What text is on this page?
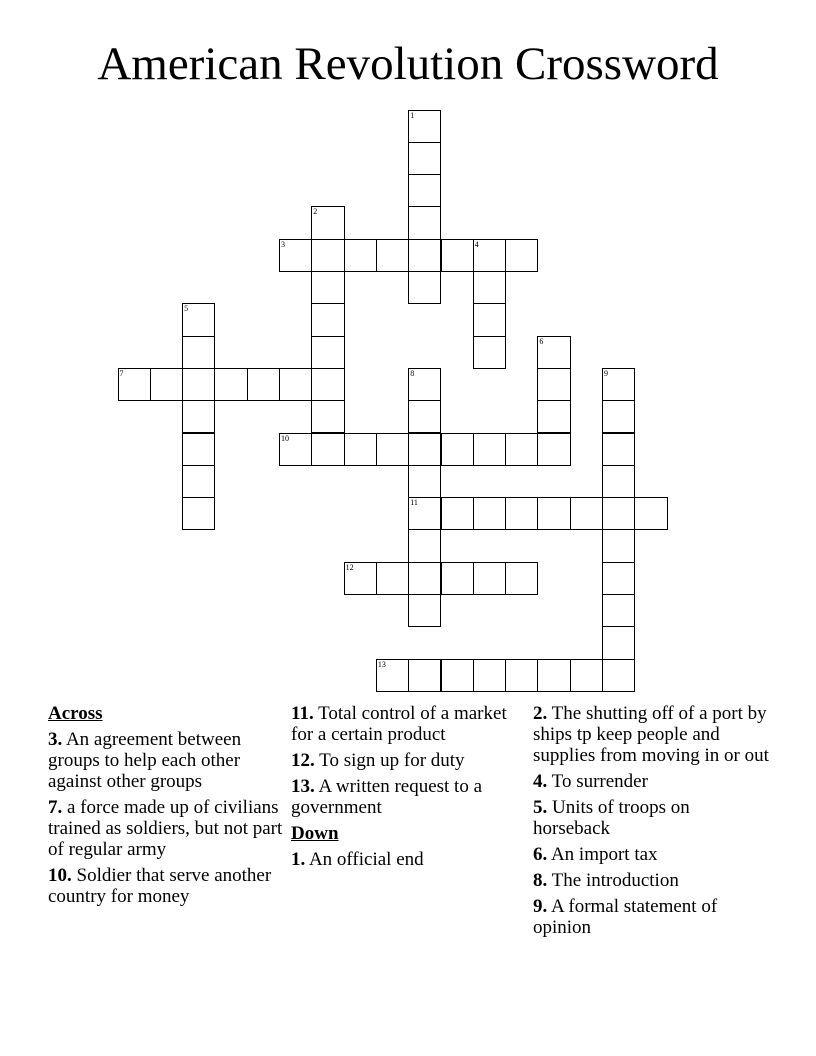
American Revolution Crossword
1
2
3	4
5
6
7	8
11
9
10
12
13
Across
3. An agreement between groups to help each other against other groups
7. a force made up of civilians trained as soldiers, but not part of regular army
10. Soldier that serve another country for money
11. Total control of a market for a certain product
12. To sign up for duty
13. A written request to a government
Down
1. An official end
2. The shutting off of a port by ships tp keep people and supplies from moving in or out
4. To surrender
5. Units of troops on horseback
6. An import tax
8. The introduction
9. A formal statement of opinion
